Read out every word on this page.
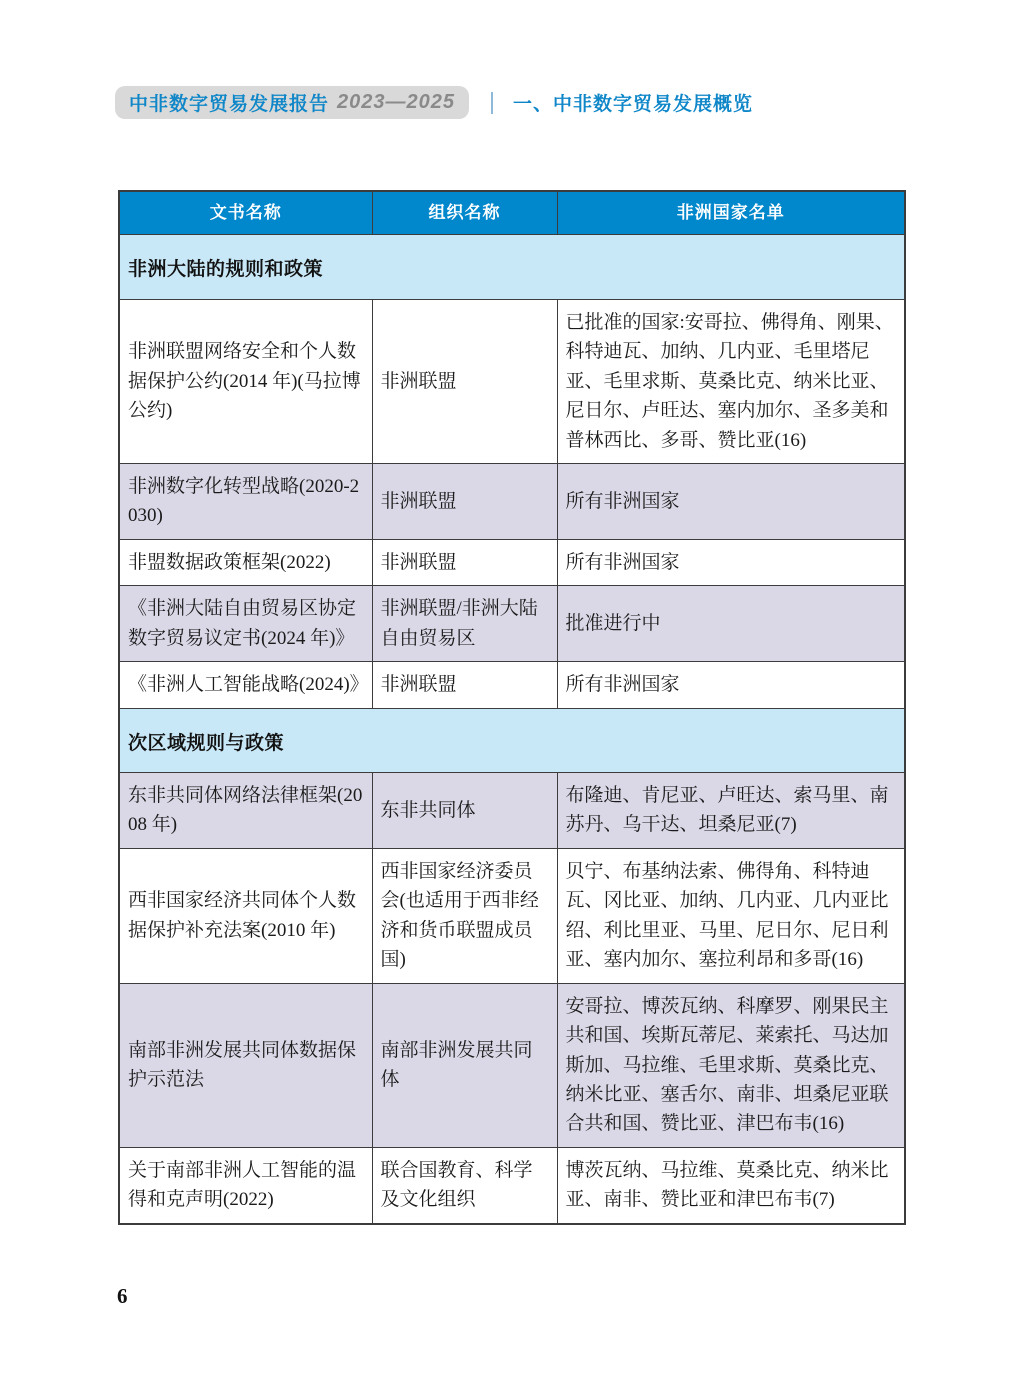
中非数字贸易发展报告 2023—2025	一、中非数字贸易发展概览
文书名称	组织名称	非洲国家名单
非洲大陆的规则和政策		
非洲联盟网络安全和个人数据保护公约(2014 年)(马拉博公约)	非洲联盟	已批准的国家:安哥拉、佛得角、刚果、科特迪瓦、加纳、几内亚、毛里塔尼亚、毛里求斯、莫桑比克、纳米比亚、尼日尔、卢旺达、塞内加尔、圣多美和普林西比、多哥、赞比亚(16)
非洲数字化转型战略(2020-2030)	非洲联盟	所有非洲国家
非盟数据政策框架(2022)	非洲联盟	所有非洲国家
《非洲大陆自由贸易区协定数字贸易议定书(2024 年)》	非洲联盟/非洲大陆自由贸易区	批准进行中
《非洲人工智能战略(2024)》	非洲联盟	所有非洲国家
次区域规则与政策		
东非共同体网络法律框架(2008 年)	东非共同体	布隆迪、肯尼亚、卢旺达、索马里、南苏丹、乌干达、坦桑尼亚(7)
西非国家经济共同体个人数据保护补充法案(2010 年)	西非国家经济委员会(也适用于西非经济和货币联盟成员国)	贝宁、布基纳法索、佛得角、科特迪瓦、冈比亚、加纳、几内亚、几内亚比绍、利比里亚、马里、尼日尔、尼日利亚、塞内加尔、塞拉利昂和多哥(16)
南部非洲发展共同体数据保护示范法	南部非洲发展共同体	安哥拉、博茨瓦纳、科摩罗、刚果民主共和国、埃斯瓦蒂尼、莱索托、马达加斯加、马拉维、毛里求斯、莫桑比克、纳米比亚、塞舌尔、南非、坦桑尼亚联合共和国、赞比亚、津巴布韦(16)
关于南部非洲人工智能的温得和克声明(2022)	联合国教育、科学及文化组织	博茨瓦纳、马拉维、莫桑比克、纳米比亚、南非、赞比亚和津巴布韦(7)
6
